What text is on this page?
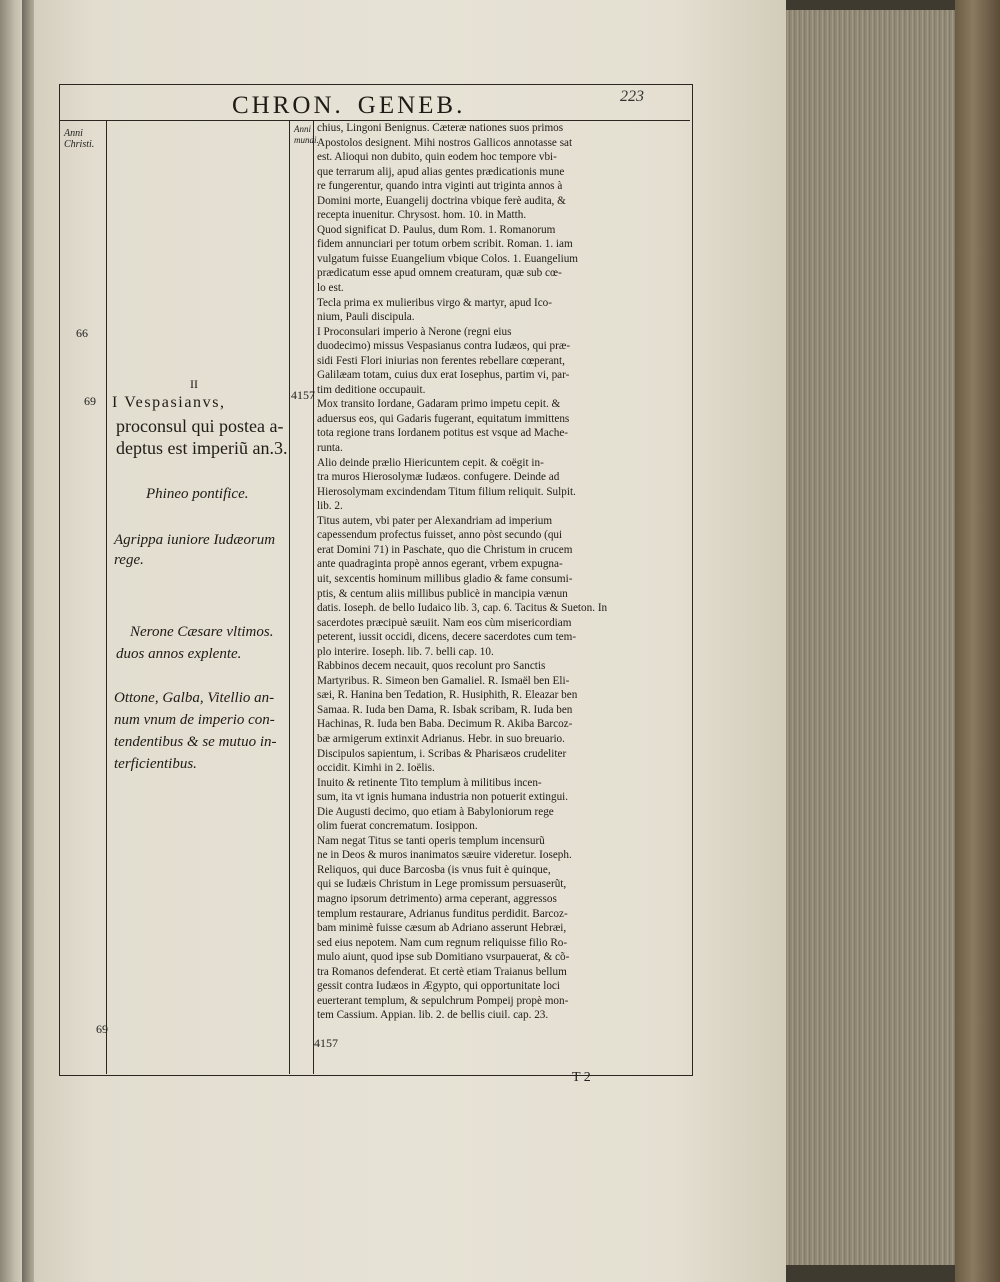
CHRON. GENEB.	223
Anni
Christi.
Anni
mundi.
66
69
69
4157
4157
II
I Vespasianvs,
proconsul qui postea a-
deptus est imperiũ an.3.
Phineo pontifice.
Agrippa iuniore Iudæorum
rege.
Nerone Cæsare vltimos.
duos annos explente.
Ottone, Galba, Vitellio an-
num vnum de imperio con-
tendentibus & se mutuo in-
terficientibus.
chius, Lingoni Benignus. Cæteræ nationes suos primos
Apostolos designent. Mihi nostros Gallicos annotasse sat
est. Alioqui non dubito, quin eodem hoc tempore vbi-
que terrarum alij, apud alias gentes prædicationis mune
re fungerentur, quando intra viginti aut triginta annos à
Domini morte, Euangelij doctrina vbique ferè audita, &
recepta inuenitur. Chrysost. hom. 10. in Matth.
Quod significat D. Paulus, dum Rom. 1. Romanorum
fidem annunciari per totum orbem scribit. Roman. 1. iam
vulgatum fuisse Euangelium vbique Colos. 1. Euangelium
prædicatum esse apud omnem creaturam, quæ sub cœ-
lo est.
Tecla prima ex mulieribus virgo & martyr, apud Ico-
nium, Pauli discipula.
I Proconsulari imperio à Nerone (regni eius
duodecimo) missus Vespasianus contra Iudæos, qui præ-
sidi Festi Flori iniurias non ferentes rebellare cœperant,
Galilæam totam, cuius dux erat Iosephus, partim vi, par-
tim deditione occupauit.
Mox transito Iordane, Gadaram primo impetu cepit. &
aduersus eos, qui Gadaris fugerant, equitatum immittens
tota regione trans Iordanem potitus est vsque ad Mache-
runta.
Alio deinde prælio Hiericuntem cepit. & coëgit in-
tra muros Hierosolymæ Iudæos. confugere. Deinde ad
Hierosolymam excindendam Titum filium reliquit. Sulpit.
lib. 2.
Titus autem, vbi pater per Alexandriam ad imperium
capessendum profectus fuisset, anno pòst secundo (qui
erat Domini 71) in Paschate, quo die Christum in crucem
ante quadraginta propè annos egerant, vrbem expugna-
uit, sexcentis hominum millibus gladio & fame consumi-
ptis, & centum aliis millibus publicè in mancipia vænun
datis. Ioseph. de bello Iudaico lib. 3, cap. 6. Tacitus & Sueton. In
sacerdotes præcipuè sæuiit. Nam eos cùm misericordiam
peterent, iussit occidi, dicens, decere sacerdotes cum tem-
plo interire. Ioseph. lib. 7. belli cap. 10.
Rabbinos decem necauit, quos recolunt pro Sanctis
Martyribus. R. Simeon ben Gamaliel. R. Ismaël ben Eli-
sæi, R. Hanina ben Tedation, R. Husiphith, R. Eleazar ben
Samaa. R. Iuda ben Dama, R. Isbak scribam, R. Iuda ben
Hachinas, R. Iuda ben Baba. Decimum R. Akiba Barcoz-
bæ armigerum extinxit Adrianus. Hebr. in suo breuario.
Discipulos sapientum, i. Scribas & Pharisæos crudeliter
occidit. Kimhi in 2. Ioëlis.
Inuito & retinente Tito templum à militibus incen-
sum, ita vt ignis humana industria non potuerit extingui.
Die Augusti decimo, quo etiam à Babyloniorum rege
olim fuerat concrematum. Iosippon.
Nam negat Titus se tanti operis templum incensurũ
ne in Deos & muros inanimatos sæuire videretur. Ioseph.
Reliquos, qui duce Barcosba (is vnus fuit è quinque,
qui se Iudæis Christum in Lege promissum persuaserũt,
magno ipsorum detrimento) arma ceperant, aggressos
templum restaurare, Adrianus funditus perdidit. Barcoz-
bam minimè fuisse cæsum ab Adriano asserunt Hebræi,
sed eius nepotem. Nam cum regnum reliquisse filio Ro-
mulo aiunt, quod ipse sub Domitiano vsurpauerat, & cõ-
tra Romanos defenderat. Et certè etiam Traianus bellum
gessit contra Iudæos in Ægypto, qui opportunitate loci
euerterant templum, & sepulchrum Pompeij propè mon-
tem Cassium. Appian. lib. 2. de bellis ciuil. cap. 23.
T 2
